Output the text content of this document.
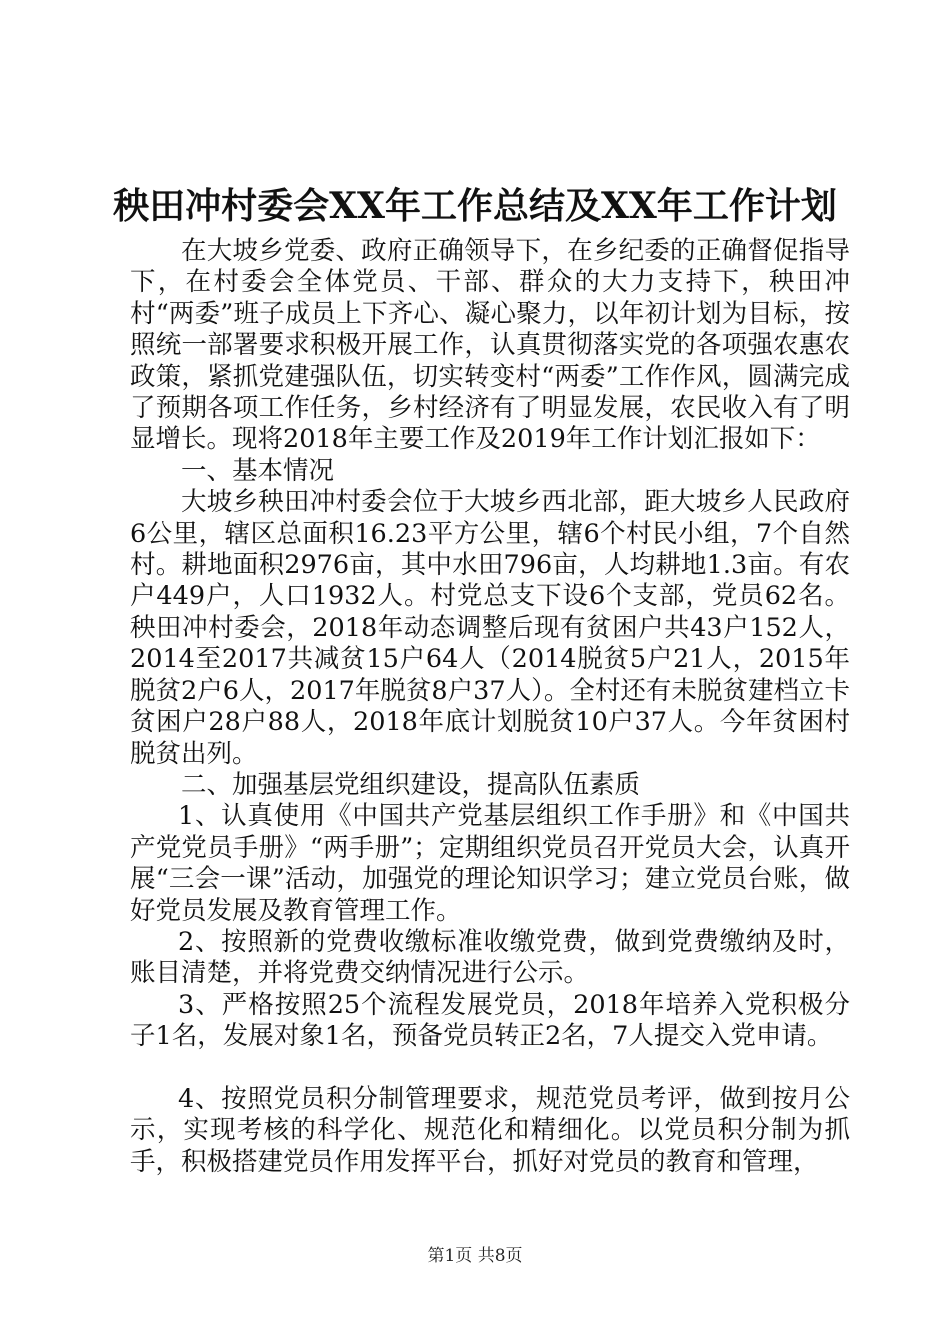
秧田冲村委会XX年工作总结及XX年工作计划

在大坡乡党委、政府正确领导下，在乡纪委的正确督促指导下，在村委会全体党员、干部、群众的大力支持下，秧田冲村“两委”班子成员上下齐心、凝心聚力，以年初计划为目标，按照统一部署要求积极开展工作，认真贯彻落实党的各项强农惠农政策，紧抓党建强队伍，切实转变村“两委”工作作风，圆满完成了预期各项工作任务，乡村经济有了明显发展，农民收入有了明显增长。现将2018年主要工作及2019年工作计划汇报如下：

一、基本情况

大坡乡秧田冲村委会位于大坡乡西北部，距大坡乡人民政府6公里，辖区总面积16.23平方公里，辖6个村民小组，7个自然村。耕地面积2976亩，其中水田796亩，人均耕地1.3亩。有农户449户，人口1932人。村党总支下设6个支部，党员62名。秧田冲村委会，2018年动态调整后现有贫困户共43户152人，2014至2017共减贫15户64人（2014脱贫5户21人，2015年脱贫2户6人，2017年脱贫8户37人）。全村还有未脱贫建档立卡贫困户28户88人，2018年底计划脱贫10户37人。今年贫困村脱贫出列。

二、加强基层党组织建设，提高队伍素质

1、认真使用《中国共产党基层组织工作手册》和《中国共产党党员手册》“两手册”；定期组织党员召开党员大会，认真开展“三会一课”活动，加强党的理论知识学习；建立党员台账，做好党员发展及教育管理工作。

2、按照新的党费收缴标准收缴党费，做到党费缴纳及时，账目清楚，并将党费交纳情况进行公示。

3、严格按照25个流程发展党员，2018年培养入党积极分子1名，发展对象1名，预备党员转正2名，7人提交入党申请。

4、按照党员积分制管理要求，规范党员考评，做到按月公示，实现考核的科学化、规范化和精细化。以党员积分制为抓手，积极搭建党员作用发挥平台，抓好对党员的教育和管理，

第1页 共8页
